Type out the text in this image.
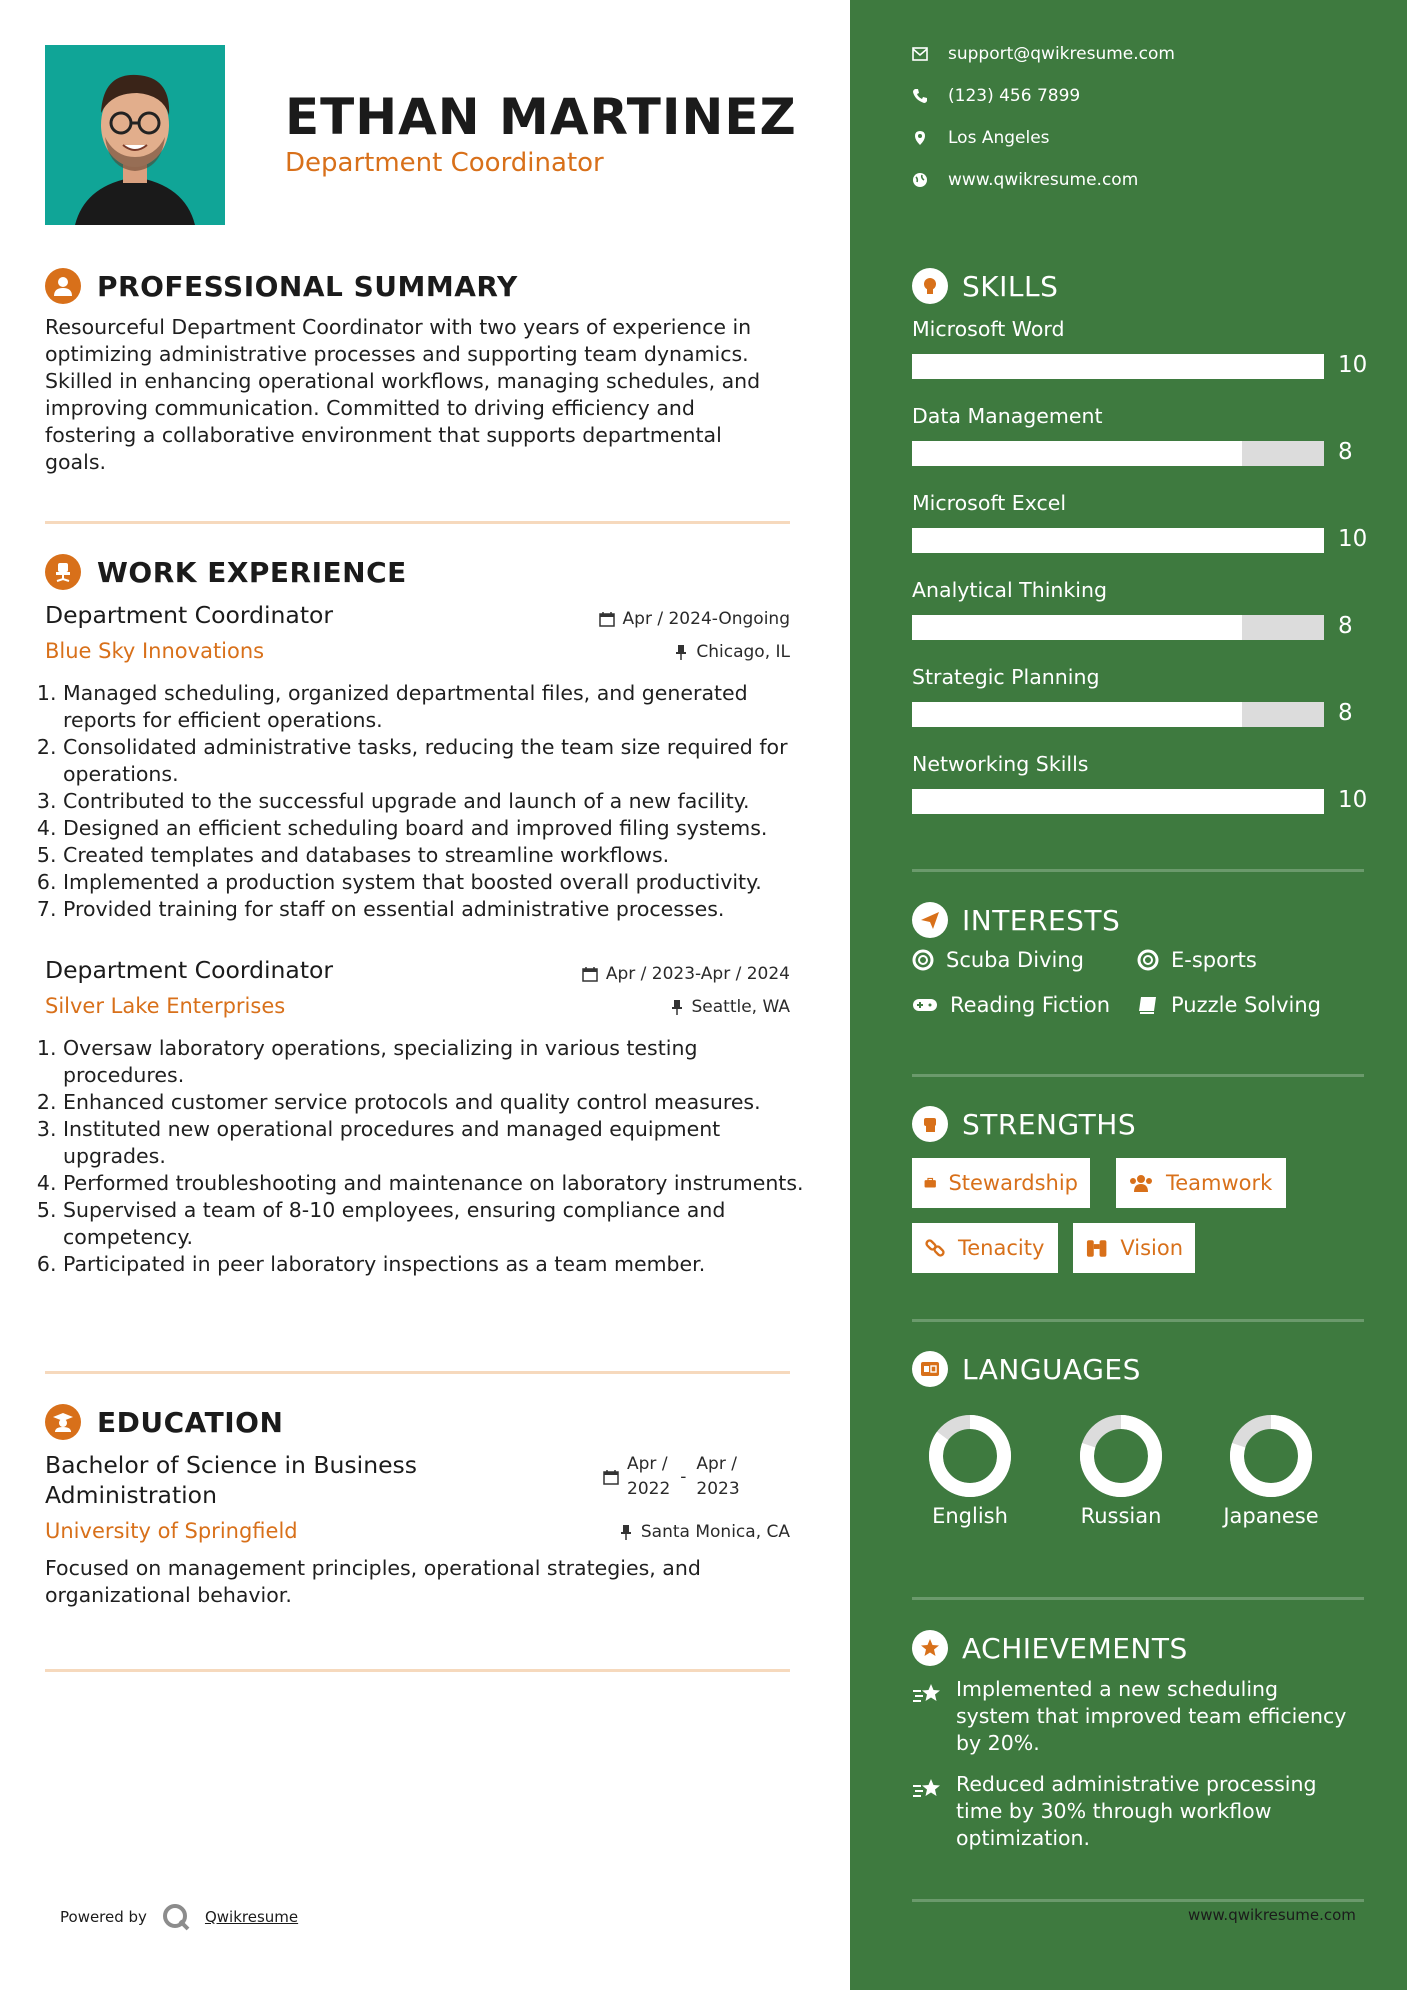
ETHAN MARTINEZ
Department Coordinator
PROFESSIONAL SUMMARY
Resourceful Department Coordinator with two years of experience in
optimizing administrative processes and supporting team dynamics.
Skilled in enhancing operational workflows, managing schedules, and
improving communication. Committed to driving efficiency and
fostering a collaborative environment that supports departmental
goals.
WORK EXPERIENCE
Department Coordinator
Blue Sky Innovations
Apr / 2024-Ongoing
Chicago, IL
1. Managed scheduling, organized departmental files, and generated reports for efficient operations.
2. Consolidated administrative tasks, reducing the team size required for operations.
3. Contributed to the successful upgrade and launch of a new facility.
4. Designed an efficient scheduling board and improved filing systems.
5. Created templates and databases to streamline workflows.
6. Implemented a production system that boosted overall productivity.
7. Provided training for staff on essential administrative processes.
Department Coordinator
Silver Lake Enterprises
Apr / 2023-Apr / 2024
Seattle, WA
1. Oversaw laboratory operations, specializing in various testing procedures.
2. Enhanced customer service protocols and quality control measures.
3. Instituted new operational procedures and managed equipment upgrades.
4. Performed troubleshooting and maintenance on laboratory instruments.
5. Supervised a team of 8-10 employees, ensuring compliance and competency.
6. Participated in peer laboratory inspections as a team member.
EDUCATION
Bachelor of Science in Business
Administration
University of Springfield
Apr /
2022
-
Apr /
2023
Santa Monica, CA
Focused on management principles, operational strategies, and
organizational behavior.
Powered by	Qwikresume
support@qwikresume.com
(123) 456 7899
Los Angeles
www.qwikresume.com
SKILLS
Microsoft Word
10
Data Management
8
Microsoft Excel
10
Analytical Thinking
8
Strategic Planning
8
Networking Skills
10
INTERESTS
Scuba Diving	E-sports
Reading Fiction	Puzzle Solving
STRENGTHS
Stewardship	Teamwork
Tenacity	Vision
LANGUAGES
English	Russian	Japanese
ACHIEVEMENTS
Implemented a new scheduling
system that improved team efficiency
by 20%.
Reduced administrative processing
time by 30% through workflow
optimization.
www.qwikresume.com
